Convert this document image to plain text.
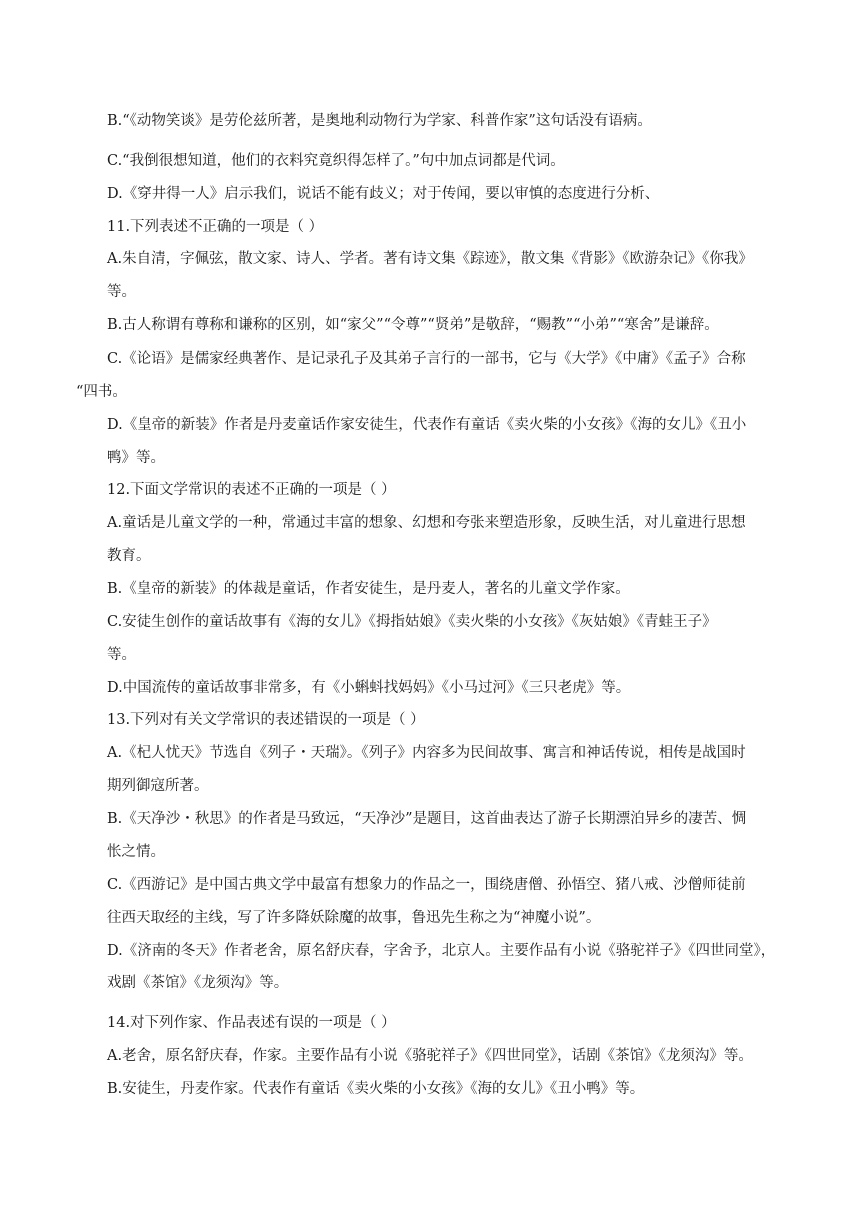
B.“《动物笑谈》是劳伦兹所著，是奥地利动物行为学家、科普作家”这句话没有语病。
C.“我倒很想知道，他们的衣料究竟织得怎样了。”句中加点词都是代词。
D.《穿井得一人》启示我们，说话不能有歧义；对于传闻，要以审慎的态度进行分析、
11.下列表述不正确的一项是（ ）
A.朱自清，字佩弦，散文家、诗人、学者。著有诗文集《踪迹》，散文集《背影》《欧游杂记》《你我》
等。
B.古人称谓有尊称和谦称的区别，如“家父”“令尊”“贤弟”是敬辞，“赐教”“小弟”“寒舍”是谦辞。
C.《论语》是儒家经典著作、是记录孔子及其弟子言行的一部书，它与《大学》《中庸》《孟子》合称
“四书。
D.《皇帝的新装》作者是丹麦童话作家安徒生，代表作有童话《卖火柴的小女孩》《海的女儿》《丑小
鸭》等。
12.下面文学常识的表述不正确的一项是（ ）
A.童话是儿童文学的一种，常通过丰富的想象、幻想和夸张来塑造形象，反映生活，对儿童进行思想
教育。
B.《皇帝的新装》的体裁是童话，作者安徒生，是丹麦人，著名的儿童文学作家。
C.安徒生创作的童话故事有《海的女儿》《拇指姑娘》《卖火柴的小女孩》《灰姑娘》《青蛙王子》
等。
D.中国流传的童话故事非常多，有《小蝌蚪找妈妈》《小马过河》《三只老虎》等。
13.下列对有关文学常识的表述错误的一项是（ ）
A.《杞人忧天》节选自《列子・天瑞》。《列子》内容多为民间故事、寓言和神话传说，相传是战国时
期列御寇所著。
B.《天净沙・秋思》的作者是马致远，“天净沙”是题目，这首曲表达了游子长期漂泊异乡的凄苦、惆
怅之情。
C.《西游记》是中国古典文学中最富有想象力的作品之一，围绕唐僧、孙悟空、猪八戒、沙僧师徒前
往西天取经的主线，写了许多降妖除魔的故事，鲁迅先生称之为“神魔小说”。
D.《济南的冬天》作者老舍，原名舒庆春，字舍予，北京人。主要作品有小说《骆驼祥子》《四世同堂》，
戏剧《茶馆》《龙须沟》等。
14.对下列作家、作品表述有误的一项是（ ）
A.老舍，原名舒庆春，作家。主要作品有小说《骆驼祥子》《四世同堂》，话剧《茶馆》《龙须沟》等。
B.安徒生，丹麦作家。代表作有童话《卖火柴的小女孩》《海的女儿》《丑小鸭》等。
